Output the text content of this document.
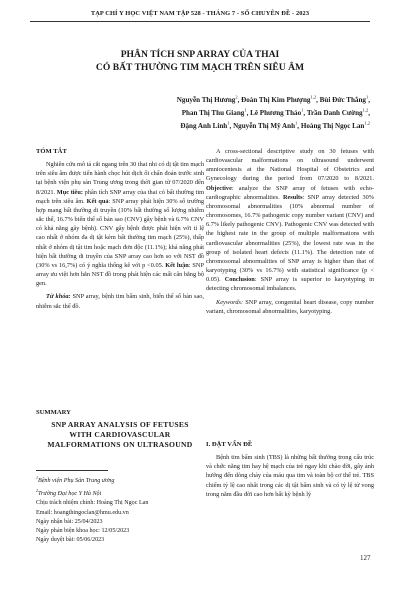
TẠP CHÍ Y HỌC VIỆT NAM TẬP 528 - THÁNG 7 - SỐ CHUYÊN ĐỀ - 2023
PHÂN TÍCH SNP ARRAY CỦA THAI
CÓ BẤT THƯỜNG TIM MẠCH TRÊN SIÊU ÂM
Nguyễn Thị Hương$^2$, Đoàn Thị Kim Phượng$^{1,2}$, Bùi Đức Thắng$^1$,
Phan Thị Thu Giang$^1$, Lê Phương Thảo$^1$, Trần Danh Cường$^{1,2}$,
Đặng Anh Linh$^1$, Nguyễn Thị Mỹ Anh$^1$, Hoàng Thị Ngọc Lan$^{1,2}$
TÓM TẮT

Nghiên cứu mô tả cắt ngang trên 30 thai nhi có dị tật tim mạch trên siêu âm được tiến hành chọc hút dịch ối chẩn đoán trước sinh tại bệnh viện phụ sản Trung ương trong thời gian từ 07/2020 đến 8/2021. Mục tiêu: phân tích SNP array của thai có bất thường tim mạch trên siêu âm. Kết quả: SNP array phát hiện 30% số trường hợp mang bất thường di truyền (10% bất thường số lượng nhiễm sắc thể, 16.7% biến thể số bản sao (CNV) gây bệnh và 6.7% CNV có khả năng gây bệnh). CNV gây bệnh được phát hiện với tỉ lệ cao nhất ở nhóm đa dị tật kèm bất thường tim mạch (25%), thấp nhất ở nhóm dị tật tim hoặc mạch đơn độc (11.1%); khả năng phát hiện bất thường di truyền của SNP array cao hơn so với NST đồ (30% vs 16,7%) có ý nghĩa thống kê với p <0.05. Kết luận: SNP array ưu việt hơn hẳn NST đồ trong phát hiện các mất cân bằng bộ gen.

Từ khóa: SNP array, bệnh tim bẩm sinh, biến thể số bản sao, nhiễm sắc thể đồ.

SUMMARY
SNP ARRAY ANALYSIS OF FETUSES
WITH CARDIOVASCULAR
MALFORMATIONS ON ULTRASOUND

$^1$Bệnh viện Phụ Sản Trung ương

$^2$Trường Đại học Y Hà Nội

Chịu trách nhiệm chính: Hoàng Thị Ngọc Lan

Email: hoangthingoclan@hmu.edu.vn

Ngày nhận bài: 25/04/2023

Ngày phản biện khoa học: 12/05/2023

Ngày duyệt bài: 05/06/2023

A cross-sectional descriptive study on 30 fetuses with cardiovascular malformations on ultrasound underwent amniocentesis at the National Hospital of Obstetrics and Gynecology during the period from 07/2020 to 8/2021. Objective: analyze the SNP array of fetuses with echo-cardiographic abnormalities. Results: SNP array detected 30% chromosomal abnormalities (10% abnormal number of chromosomes, 16.7% pathogenic copy number variant (CNV) and 6.7% likely pathogenic CNV). Pathogenic CNV was detected with the highest rate in the group of multiple malformations with cardiovascular abnormalities (25%), the lowest rate was in the group of isolated heart defects (11.1%). The detection rate of chromosomal abnormalities of SNP array is higher than that of karyotyping (30% vs 16.7%) with statistical significance (p < 0.05). Conclusion: SNP array is superior to karyotyping in detecting chromosomal imbalances.

Keywords: SNP array, congenital heart disease, copy number variant, chromosomal abnormalities, karyotyping.

I. ĐẶT VẤN ĐỀ

Bệnh tim bẩm sinh (TBS) là những bất thường trong cấu trúc và chức năng tim hay hệ mạch của trẻ ngay khi chào đời, gây ảnh hưởng đến dòng chảy của máu qua tim và toàn bộ cơ thể trẻ. TBS chiếm tỷ lệ cao nhất trong các dị tật bẩm sinh và có tỷ lệ tử vong trong năm đầu đời cao hơn bất kỳ bệnh lý

127
